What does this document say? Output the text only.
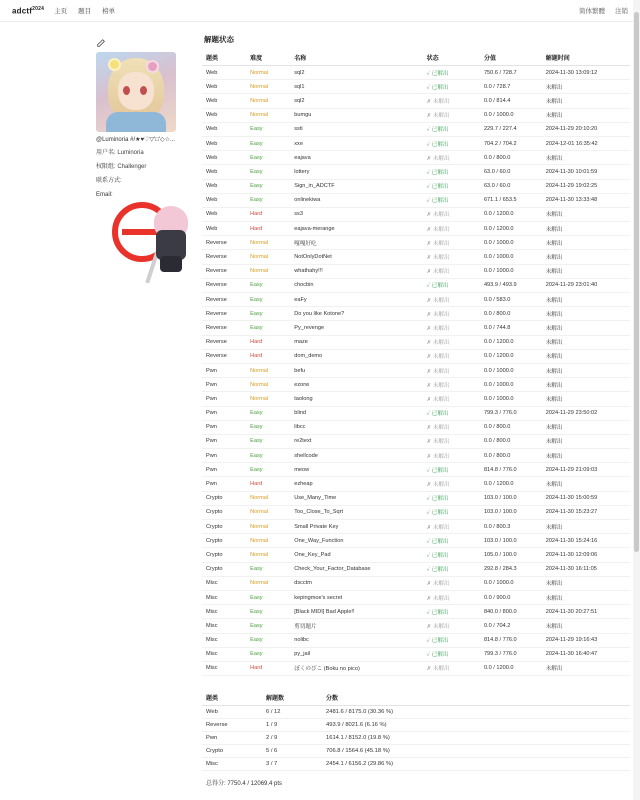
adctf$^{2024}$ 主页 题目 榜单	简体繁體 注销
@Luminoria #/★♥♡▽'□'◇☆...
用户名: Luminoria
权限组: Challenger
联系方式:
Email:
解题状态
题类	难度	名称	状态	分值	解题时间
Web	Normal	sql2	✓ 已解出	750.6 / 728.7	2024-11-30 13:09:12
Web	Normal	sql1	✓ 已解出	0.0 / 728.7	未解出
Web	Normal	sql2	✗ 未解出	0.0 / 814.4	未解出
Web	Normal	bumgu	✗ 未解出	0.0 / 1000.0	未解出
Web	Easy	ssti	✓ 已解出	229.7 / 227.4	2024-11-29 20:10:20
Web	Easy	xxe	✓ 已解出	704.2 / 704.2	2024-12-01 16:35:42
Web	Easy	eajava	✗ 未解出	0.0 / 800.0	未解出
Web	Easy	lottery	✓ 已解出	63.0 / 60.0	2024-11-30 10:01:59
Web	Easy	Sign_in_ADCTF	✓ 已解出	63.0 / 60.0	2024-11-29 19:02:25
Web	Easy	onlinekiwa	✓ 已解出	671.1 / 653.5	2024-11-30 13:33:48
Web	Hard	ss3	✗ 未解出	0.0 / 1200.0	未解出
Web	Hard	eajava-merange	✗ 未解出	0.0 / 1200.0	未解出
Reverse	Normal	嘎嘎好吃	✗ 未解出	0.0 / 1000.0	未解出
Reverse	Normal	NotOnlyDotNet	✗ 未解出	0.0 / 1000.0	未解出
Reverse	Normal	whathahy!!!	✗ 未解出	0.0 / 1000.0	未解出
Reverse	Easy	chocbin	✓ 已解出	493.9 / 493.9	2024-11-29 23:01:40
Reverse	Easy	eaFy	✗ 未解出	0.0 / 583.0	未解出
Reverse	Easy	Do you like Kotone?	✗ 未解出	0.0 / 800.0	未解出
Reverse	Easy	Py_revenge	✗ 未解出	0.0 / 744.8	未解出
Reverse	Hard	maze	✗ 未解出	0.0 / 1200.0	未解出
Reverse	Hard	dom_demo	✗ 未解出	0.0 / 1200.0	未解出
Pwn	Normal	befu	✗ 未解出	0.0 / 1000.0	未解出
Pwn	Normal	ezorw	✗ 未解出	0.0 / 1000.0	未解出
Pwn	Normal	taolong	✗ 未解出	0.0 / 1000.0	未解出
Pwn	Easy	blind	✓ 已解出	799.3 / 776.0	2024-11-29 23:50:02
Pwn	Easy	libcc	✗ 未解出	0.0 / 800.0	未解出
Pwn	Easy	re2text	✗ 未解出	0.0 / 800.0	未解出
Pwn	Easy	shellcode	✗ 未解出	0.0 / 800.0	未解出
Pwn	Easy	meow	✓ 已解出	814.8 / 776.0	2024-11-29 21:09:03
Pwn	Hard	ezheap	✗ 未解出	0.0 / 1200.0	未解出
Crypto	Normal	Use_Many_Time	✓ 已解出	103.0 / 100.0	2024-11-30 15:00:59
Crypto	Normal	Too_Close_To_Sqrt	✓ 已解出	103.0 / 100.0	2024-11-30 15:23:27
Crypto	Normal	Small Private Key	✗ 未解出	0.0 / 800.3	未解出
Crypto	Normal	One_Way_Function	✓ 已解出	103.0 / 100.0	2024-11-30 15:24:16
Crypto	Normal	One_Key_Pad	✓ 已解出	105.0 / 100.0	2024-11-30 12:09:06
Crypto	Easy	Check_Your_Factor_Database	✓ 已解出	292.8 / 284.3	2024-11-30 16:11:05
Misc	Normal	dscctm	✗ 未解出	0.0 / 1000.0	未解出
Misc	Easy	kepingmoe's secret	✗ 未解出	0.0 / 900.0	未解出
Misc	Easy	[Black MIDI] Bad Apple!!	✓ 已解出	840.0 / 800.0	2024-11-30 20:27:51
Misc	Easy	剪切题片	✗ 未解出	0.0 / 704.2	未解出
Misc	Easy	nolibc	✓ 已解出	814.8 / 776.0	2024-11-29 19:16:43
Misc	Easy	py_jail	✓ 已解出	799.3 / 776.0	2024-11-30 16:40:47
Misc	Hard	ぼくのびこ (Boku no pico)	✗ 未解出	0.0 / 1200.0	未解出
题类	解题数	分数
Web	6 / 12	2481.6 / 8175.0 (30.36 %)
Reverse	1 / 9	493.9 / 8021.6 (6.16 %)
Pwn	2 / 9	1614.1 / 8152.0 (19.8 %)
Crypto	5 / 6	706.8 / 1564.6 (45.18 %)
Misc	3 / 7	2454.1 / 6156.2 (29.86 %)
总得分: 7750.4 / 12069.4 pts
